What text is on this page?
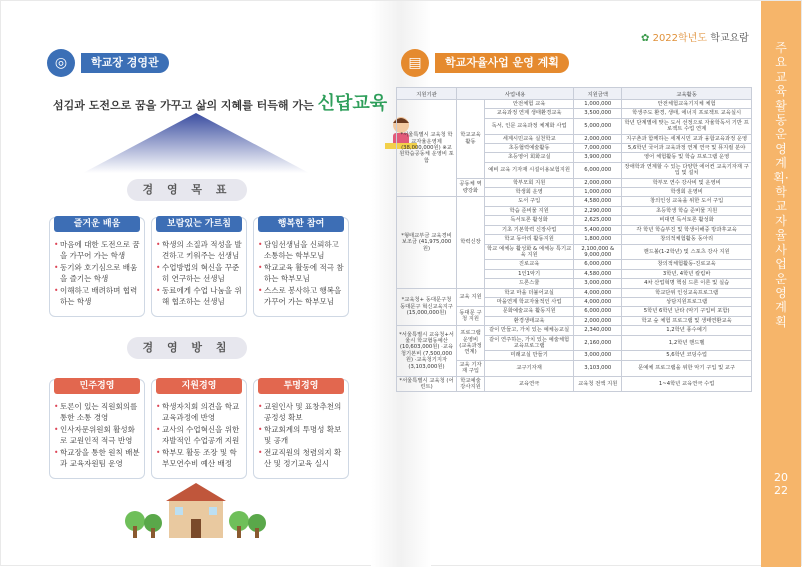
✿ 2022학년도 학교요람
주요교육활동운영계획·학교자율사업운영계획
2022
◎	학교장 경영관
섬김과 도전으로 꿈을 가꾸고 삶의 지혜를 터득해 가는 신답교육
경 영 목 표
즐거운 배움
• 마음에 대한 도전으로 꿈을 가꾸어 가는 학생
• 동기와 호기심으로 배움을 즐기는 학생
• 이해하고 배려하며 협력하는 학생
보람있는 가르침
• 학생의 소질과 적성을 발견하고 키워주는 선생님
• 수업방법의 혁신을 꾸준히 연구하는 선생님
• 동료에게 수업 나눔을 위해 협조하는 선생님
행복한 참여
• 담임선생님을 신뢰하고 소통하는 학부모님
• 학교교육 활동에 적극 참하는 학부모님
• 스스로 봉사하고 행복을 가꾸어 가는 학부모님
경 영 방 침
민주경영
• 토론이 있는 직원회의를 통한 소통 경영
• 인사자문위원회 활성화로 교원인적 적극 반영
• 학교장을 통한 원칙 배분과 교육자원팀 운영
지원경영
• 학생자치회 의견을 학교 교육과정에 반영
• 교사의 수업혁신을 위한 자발적인 수업공개 지원
• 학부모 활동 조장 및 학부모연수비 예산 배정
투명경영
• 교원인사 및 표창추천의 공정성 확보
• 학교회계의 투명성 확보 및 공개
• 전교직원의 청렴의지 확산 및 정기교육 실시
▤	학교자율사업 운영 계획
지원기관	사업내용		지원금액	교육활동
*서울특별시 교육청 학교자율운영제 (38,000,000원) ※교원학습공동체 운영비 포함	학교교육활동	안전체험 교육	1,000,000	안전체험교육기지체 체험
		교육과정 연계 생태환경교육	3,500,000	학생주도 환경, 생태, 에너지 프로젝트 교육실시
		독서, 인문 교육과정 체계화 사업	5,000,000	학년 단계별에 맞는 도서 선정으로 자율학독서 기반 프로젝트 수업 연계
		세계시민교육 실천학교	2,000,000	지구촌과 함께하는 세계시민 교과 융합교육과정 운영
		초등협력예술활동	7,000,000	5,6학년 국어과 교육과정 연계 연극 및 뮤지컬 분야
		초등영어 회화교실	3,900,000	영어 체험활동 및 학습 프로그램 운영
		예비 교육 기자재 시설이용보험지원	6,000,000	장애학과 연계할 수 있는 다양한 에어컨 교육기자재 구입 및 설치
	공동체 역량강화	학부모회 지원	2,000,000	학부모 연수 강사비 및 운영비
		학생회 운영	1,000,000	학생회 운영비
*형태교부금 교육경비보조금 (41,975,000원)	학력신장	도서 구입	4,580,000	창의인성 교육을 위한 도서 구입
		학습 준비물 지원	2,290,000	초등학생 학습 준비물 지원
		독서토론 활성화	2,625,000	비대면 독서토론 활성화
		기초 기본학력 신장사업	5,400,000	각 학년 학습부진 및 학생이해중 방과후교육
		학교 동아리 활동지원	1,800,000	창의적체험활동 동아리
		학교 예체능 활성화 & 예체능 특기교육 지원	2,100,000 & 9,000,000	핸드볼(1-2학년) 및 스포츠 강사 지원
		진로교육	6,000,000	창의적체험활동-진로교육
		1인1악기	4,580,000	3학년, 4학년 칼림바
		드론스쿨	3,000,000	4차 산업혁명 핵심 드론 이론 및 실습
*교육청+ 동대문구청 동대문구 혁신교육지구 (15,000,000원)	교육 지원	학교 마을 더불어교실	4,000,000	학교단위 인성교육프로그램
		마을연계 학교자율적인 사업	4,000,000	상담지원프로그램
	동대문 구청 지원	문화예술교육 활동지원	6,000,000	5학년 6학년 난타 (악기 구입비 포함)
		환경생태교육	2,000,000	학교 숲 체험 프로그램 및 생태연환교육
*서울특별시 교육청+서울시 학교협동예산 (10,603,000원) ·교육청기본비 (7,500,000원) ·교육청기지자 (3,103,000원)	프로그램 운영비 (교육과정 연계)	같이 만들고, 가치 있는 예체능교실	2,340,000	1,2학년 풍수예기
		같이 연주하는, 가치 있는 예술체험교육프로그램	2,160,000	1,2학년 핸드벨
		미래교실 만들기	3,000,000	5,6학년 코딩수업
	교육 기자재 구입	교구기자재	3,103,000	문예체 프로그램을 위한 악기 구입 및 교구
*서울특별시 교육청 (어린트)	학교예술 강사지원	교육연극	교육청 전액 지원	1~4학년 교육연극 수업
